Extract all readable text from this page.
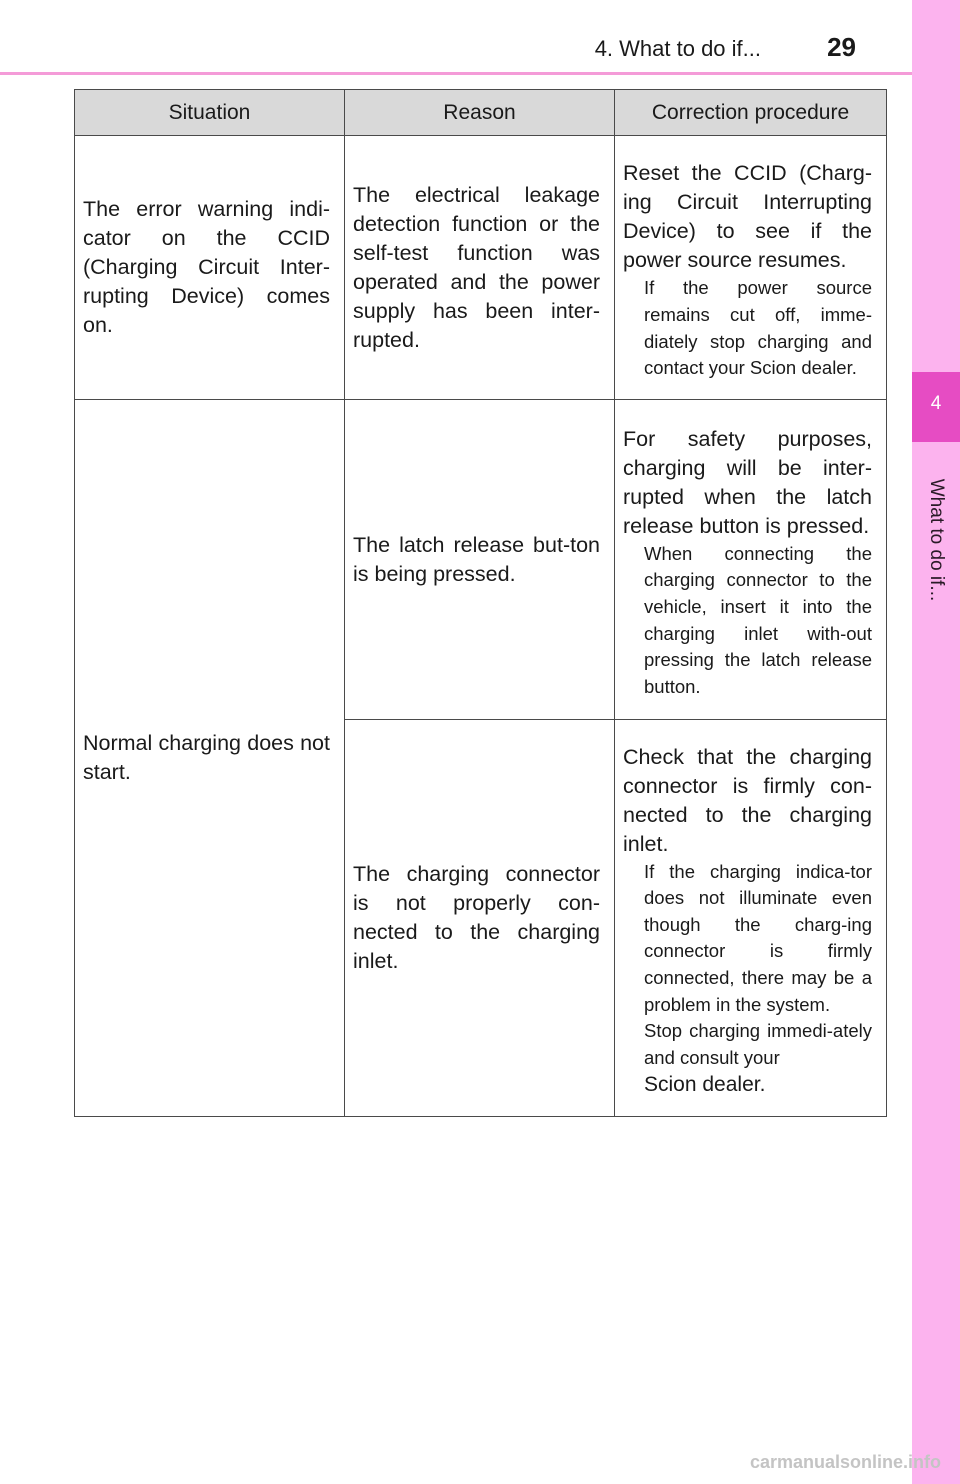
4. What to do if...	29
4
What to do if...
Situation	Reason	Correction procedure

The error warning indi-cator on the CCID (Charging Circuit Inter-rupting Device) comes on.	The electrical leakage detection function or the self-test function was operated and the power supply has been inter-rupted.	Reset the CCID (Charg-ing Circuit Interrupting Device) to see if the power source resumes.
If the power source remains cut off, imme-diately stop charging and contact your Scion dealer.

Normal charging does not start.	The latch release but-ton is being pressed.	For safety purposes, charging will be inter-rupted when the latch release button is pressed.
When connecting the charging connector to the vehicle, insert it into the charging inlet with-out pressing the latch release button.

	The charging connector is not properly con-nected to the charging inlet.	Check that the charging connector is firmly con-nected to the charging inlet.
If the charging indica-tor does not illuminate even though the charg-ing connector is firmly connected, there may be a problem in the system.
Stop charging immedi-ately and consult your
Scion dealer.
carmanualsonline.info
